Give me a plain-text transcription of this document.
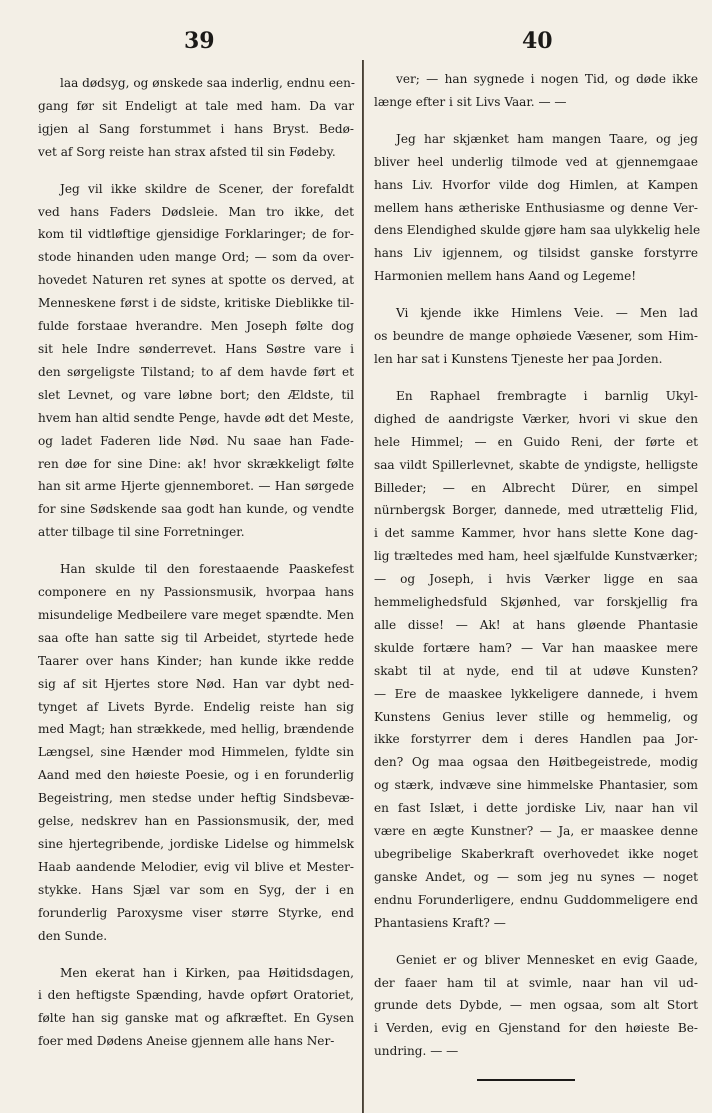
39

laa dødsyg, og ønskede saa inderlig, endnu een-
gang før sit Endeligt at tale med ham. Da var
igjen al Sang forstummet i hans Bryst. Bedø-
vet af Sorg reiste han strax afsted til sin Fødeby.

Jeg vil ikke skildre de Scener, der forefaldt
ved hans Faders Dødsleie. Man tro ikke, det
kom til vidtløftige gjensidige Forklaringer; de for-
stode hinanden uden mange Ord; — som da over-
hovedet Naturen ret synes at spotte os derved, at
Menneskene først i de sidste, kritiske Dieblikke til-
fulde forstaae hverandre. Men Joseph følte dog
sit hele Indre sønderrevet. Hans Søstre vare i
den sørgeligste Tilstand; to af dem havde ført et
slet Levnet, og vare løbne bort; den Ældste, til
hvem han altid sendte Penge, havde ødt det Meste,
og ladet Faderen lide Nød. Nu saae han Fade-
ren døe for sine Dine: ak! hvor skrækkeligt følte
han sit arme Hjerte gjennemboret. — Han sørgede
for sine Sødskende saa godt han kunde, og vendte
atter tilbage til sine Forretninger.

Han skulde til den forestaaende Paaskefest
componere en ny Passionsmusik, hvorpaa hans
misundelige Medbeilere vare meget spændte. Men
saa ofte han satte sig til Arbeidet, styrtede hede
Taarer over hans Kinder; han kunde ikke redde
sig af sit Hjertes store Nød. Han var dybt ned-
tynget af Livets Byrde. Endelig reiste han sig
med Magt; han strækkede, med hellig, brændende
Længsel, sine Hænder mod Himmelen, fyldte sin
Aand med den høieste Poesie, og i en forunderlig
Begeistring, men stedse under heftig Sindsbevæ-
gelse, nedskrev han en Passionsmusik, der, med
sine hjertegribende, jordiske Lidelse og himmelsk
Haab aandende Melodier, evig vil blive et Mester-
stykke. Hans Sjæl var som en Syg, der i en
forunderlig Paroxysme viser større Styrke, end
den Sunde.

Men ekerat han i Kirken, paa Høitidsdagen,
i den heftigste Spænding, havde opført Oratoriet,
følte han sig ganske mat og afkræftet. En Gysen
foer med Dødens Aneise gjennem alle hans Ner-

40

ver; — han sygnede i nogen Tid, og døde ikke
længe efter i sit Livs Vaar. — —

Jeg har skjænket ham mangen Taare, og jeg
bliver heel underlig tilmode ved at gjennemgaae
hans Liv. Hvorfor vilde dog Himlen, at Kampen
mellem hans ætheriske Enthusiasme og denne Ver-
dens Elendighed skulde gjøre ham saa ulykkelig hele
hans Liv igjennem, og tilsidst ganske forstyrre
Harmonien mellem hans Aand og Legeme!

Vi kjende ikke Himlens Veie. — Men lad
os beundre de mange ophøiede Væsener, som Him-
len har sat i Kunstens Tjeneste her paa Jorden.

En Raphael frembragte i barnlig Ukyl-
dighed de aandrigste Værker, hvori vi skue den
hele Himmel; — en Guido Reni, der førte et
saa vildt Spillerlevnet, skabte de yndigste, helligste
Billeder; — en Albrecht Dürer, en simpel
nürnbergsk Borger, dannede, med utrættelig Flid,
i det samme Kammer, hvor hans slette Kone dag-
lig træltedes med ham, heel sjælfulde Kunstværker;
— og Joseph, i hvis Værker ligge en saa
hemmelighedsfuld Skjønhed, var forskjellig fra
alle disse! — Ak! at hans gløende Phantasie
skulde fortære ham? — Var han maaskee mere
skabt til at nyde, end til at udøve Kunsten?
— Ere de maaskee lykkeligere dannede, i hvem
Kunstens Genius lever stille og hemmelig, og
ikke forstyrrer dem i deres Handlen paa Jor-
den? Og maa ogsaa den Høitbegeistrede, modig
og stærk, indvæve sine himmelske Phantasier, som
en fast Islæt, i dette jordiske Liv, naar han vil
være en ægte Kunstner? — Ja, er maaskee denne
ubegribelige Skaberkraft overhovedet ikke noget
ganske Andet, og — som jeg nu synes — noget
endnu Forunderligere, endnu Guddommeligere end
Phantasiens Kraft? —

Geniet er og bliver Mennesket en evig Gaade,
der faaer ham til at svimle, naar han vil ud-
grunde dets Dybde, — men ogsaa, som alt Stort
i Verden, evig en Gjenstand for den høieste Be-
undring. — —
